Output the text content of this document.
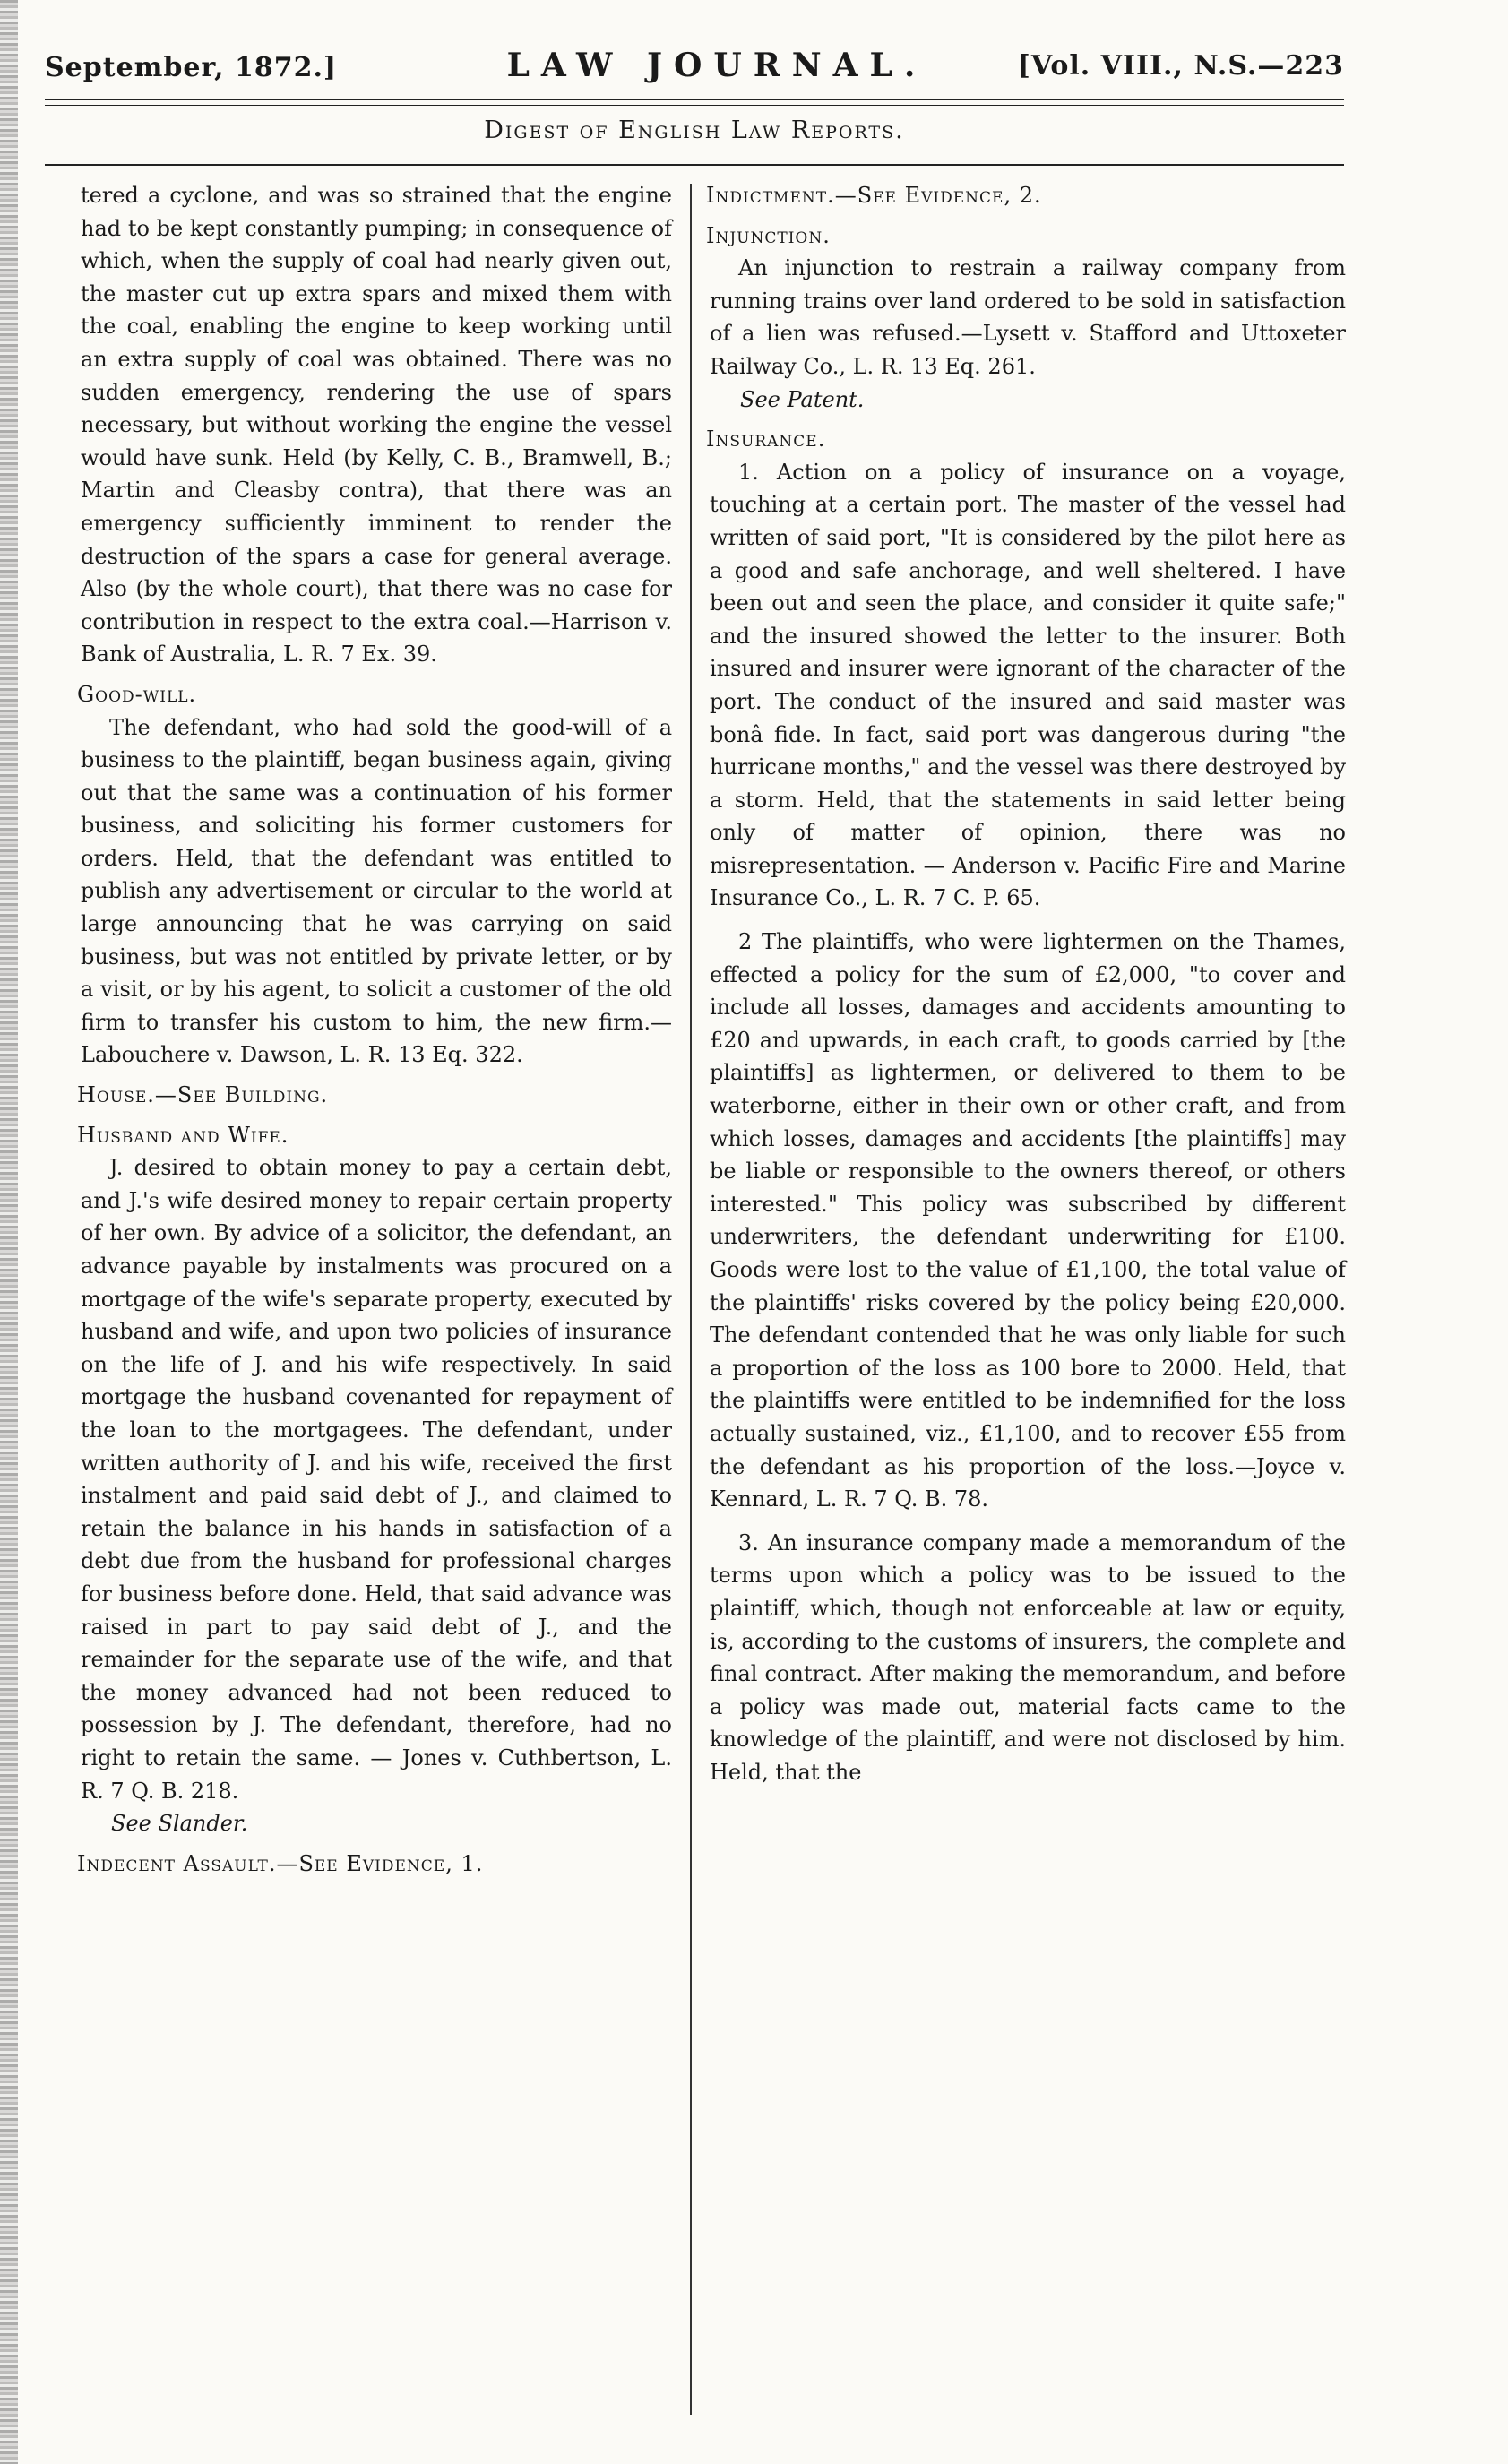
September, 1872.]	LAW JOURNAL.	[Vol. VIII., N.S.—223
Digest of English Law Reports.

tered a cyclone, and was so strained that the engine had to be kept constantly pumping; in consequence of which, when the supply of coal had nearly given out, the master cut up extra spars and mixed them with the coal, enabling the engine to keep working until an extra supply of coal was obtained. There was no sudden emergency, rendering the use of spars necessary, but without working the engine the vessel would have sunk. Held (by Kelly, C. B., Bramwell, B.; Martin and Cleasby contra), that there was an emergency sufficiently imminent to render the destruction of the spars a case for general average. Also (by the whole court), that there was no case for contribution in respect to the extra coal.—Harrison v. Bank of Australia, L. R. 7 Ex. 39.

Good-will.

The defendant, who had sold the good-will of a business to the plaintiff, began business again, giving out that the same was a continuation of his former business, and soliciting his former customers for orders. Held, that the defendant was entitled to publish any advertisement or circular to the world at large announcing that he was carrying on said business, but was not entitled by private letter, or by a visit, or by his agent, to solicit a customer of the old firm to transfer his custom to him, the new firm.—Labouchere v. Dawson, L. R. 13 Eq. 322.

House.—See Building.
Husband and Wife.

J. desired to obtain money to pay a certain debt, and J.'s wife desired money to repair certain property of her own. By advice of a solicitor, the defendant, an advance payable by instalments was procured on a mortgage of the wife's separate property, executed by husband and wife, and upon two policies of insurance on the life of J. and his wife respectively. In said mortgage the husband covenanted for repayment of the loan to the mortgagees. The defendant, under written authority of J. and his wife, received the first instalment and paid said debt of J., and claimed to retain the balance in his hands in satisfaction of a debt due from the husband for professional charges for business before done. Held, that said advance was raised in part to pay said debt of J., and the remainder for the separate use of the wife, and that the money advanced had not been reduced to possession by J. The defendant, therefore, had no right to retain the same. — Jones v. Cuthbertson, L. R. 7 Q. B. 218.

See Slander.

Indecent Assault.—See Evidence, 1.
Indictment.—See Evidence, 2.
Injunction.

An injunction to restrain a railway company from running trains over land ordered to be sold in satisfaction of a lien was refused.—Lysett v. Stafford and Uttoxeter Railway Co., L. R. 13 Eq. 261.

See Patent.

Insurance.

1. Action on a policy of insurance on a voyage, touching at a certain port. The master of the vessel had written of said port, "It is considered by the pilot here as a good and safe anchorage, and well sheltered. I have been out and seen the place, and consider it quite safe;" and the insured showed the letter to the insurer. Both insured and insurer were ignorant of the character of the port. The conduct of the insured and said master was bonâ fide. In fact, said port was dangerous during "the hurricane months," and the vessel was there destroyed by a storm. Held, that the statements in said letter being only of matter of opinion, there was no misrepresentation. — Anderson v. Pacific Fire and Marine Insurance Co., L. R. 7 C. P. 65.

2 The plaintiffs, who were lightermen on the Thames, effected a policy for the sum of £2,000, "to cover and include all losses, damages and accidents amounting to £20 and upwards, in each craft, to goods carried by [the plaintiffs] as lightermen, or delivered to them to be waterborne, either in their own or other craft, and from which losses, damages and accidents [the plaintiffs] may be liable or responsible to the owners thereof, or others interested." This policy was subscribed by different underwriters, the defendant underwriting for £100. Goods were lost to the value of £1,100, the total value of the plaintiffs' risks covered by the policy being £20,000. The defendant contended that he was only liable for such a proportion of the loss as 100 bore to 2000. Held, that the plaintiffs were entitled to be indemnified for the loss actually sustained, viz., £1,100, and to recover £55 from the defendant as his proportion of the loss.—Joyce v. Kennard, L. R. 7 Q. B. 78.

3. An insurance company made a memorandum of the terms upon which a policy was to be issued to the plaintiff, which, though not enforceable at law or equity, is, according to the customs of insurers, the complete and final contract. After making the memorandum, and before a policy was made out, material facts came to the knowledge of the plaintiff, and were not disclosed by him. Held, that the
